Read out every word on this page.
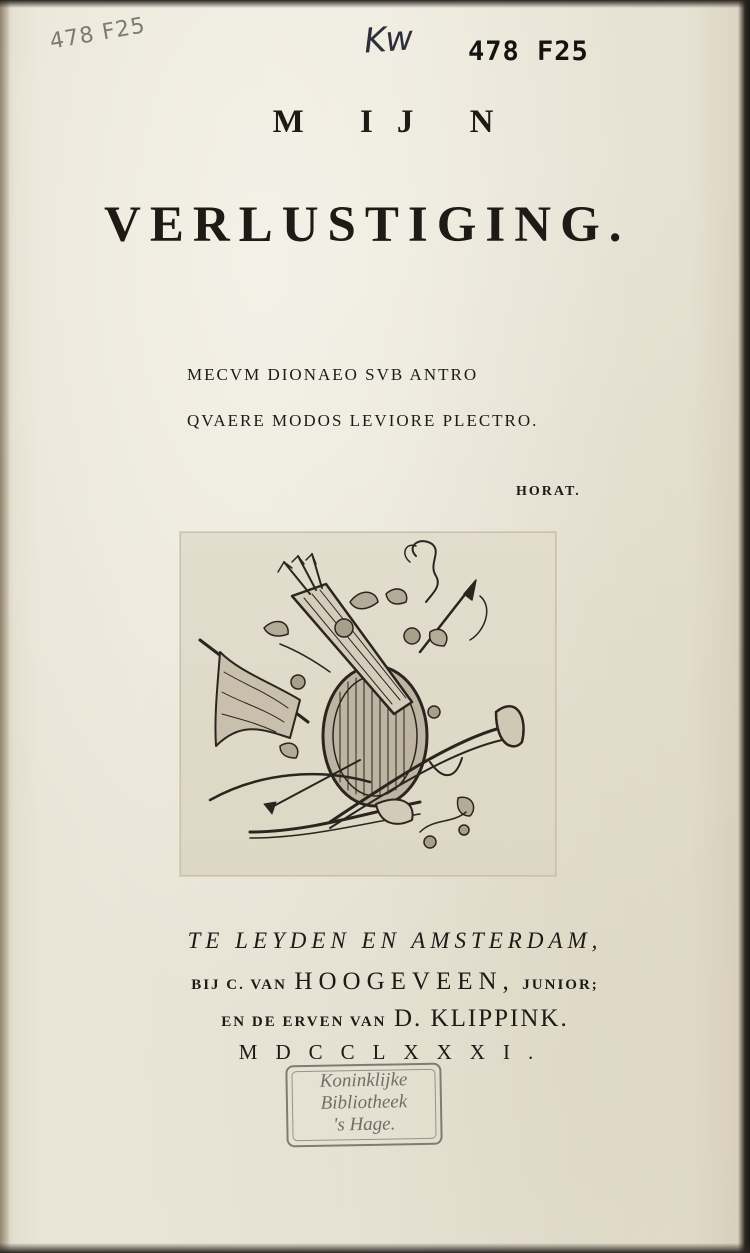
478 F25	Kw 478 F25
M IJ N
VERLUSTIGING.
MECVM DIONAEO SVB ANTRO
QVAERE MODOS LEVIORE PLECTRO.
HORAT.
TE LEYDEN EN AMSTERDAM,
BIJ C. VAN HOOGEVEEN, JUNIOR;
EN DE ERVEN VAN D. KLIPPINK.
MDCCLXXXI.
Koninklijke
Bibliotheek
's Hage.
